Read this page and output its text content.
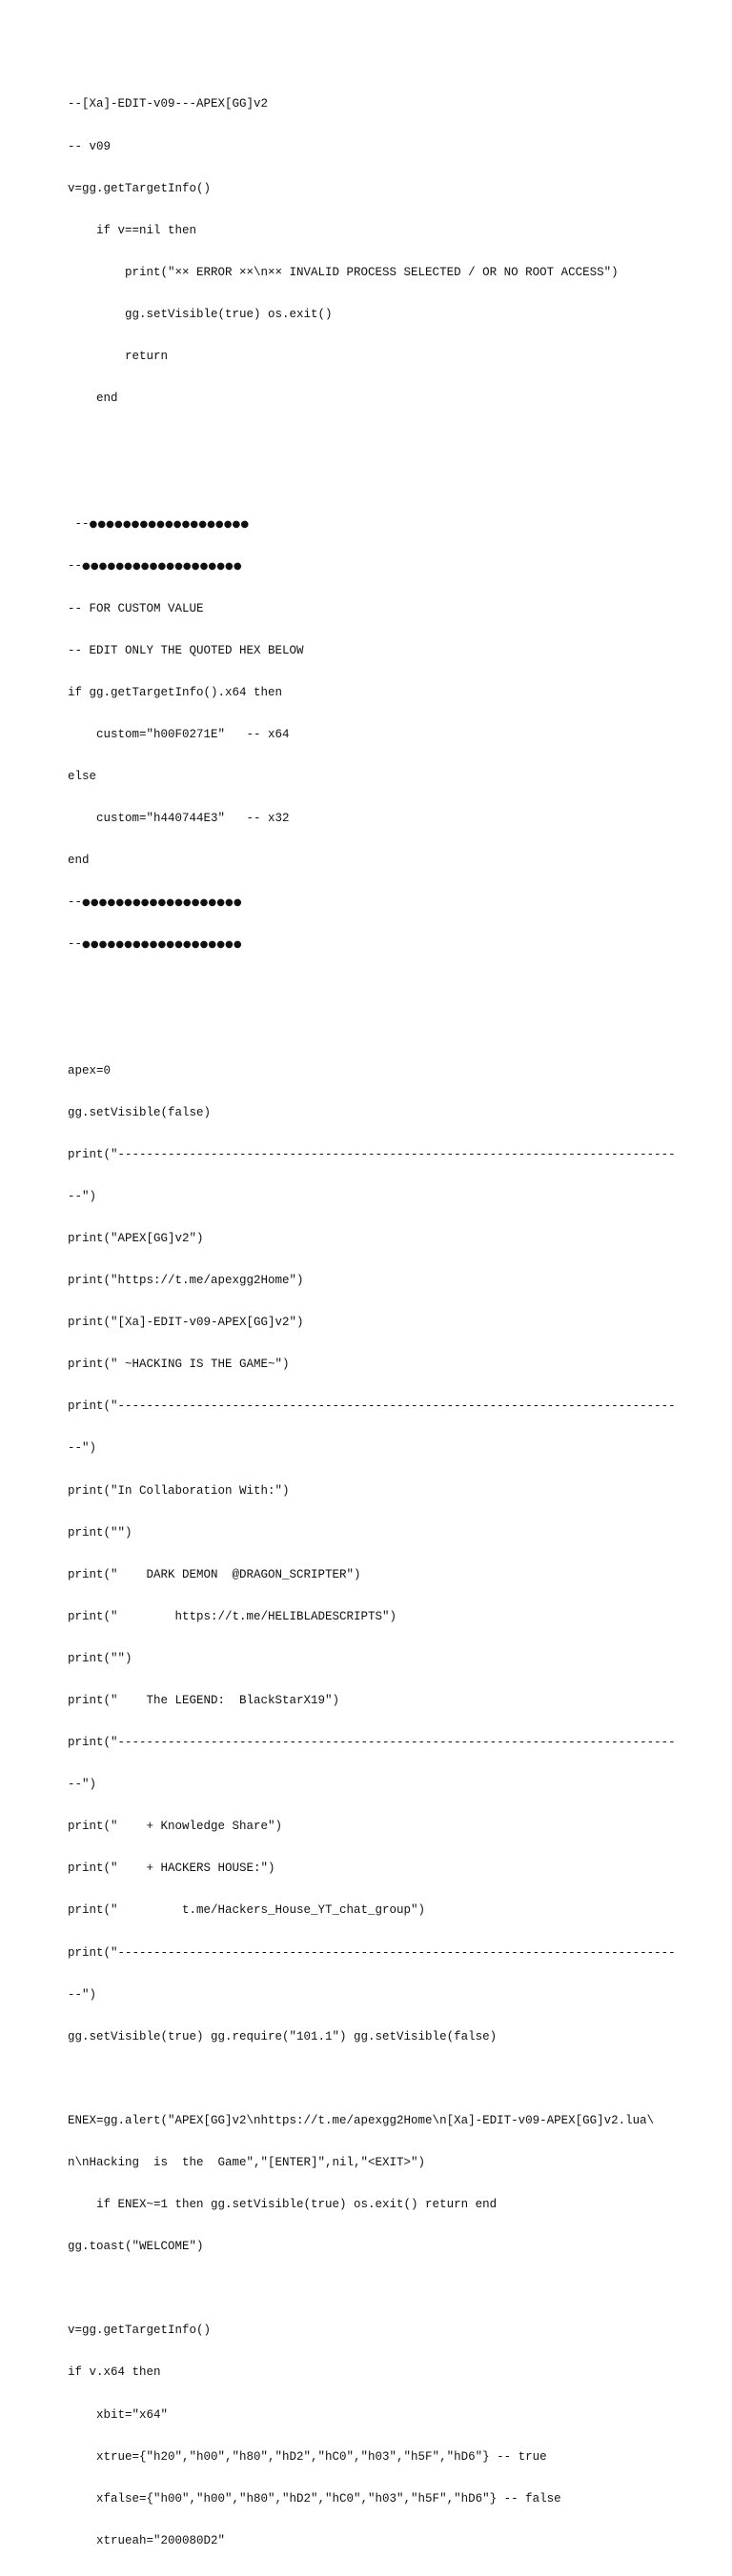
--[Xa]-EDIT-v09---APEX[GG]v2

-- v09

v=gg.getTargetInfo()

if v==nil then

print("×× ERROR ××\n×× INVALID PROCESS SELECTED / OR NO ROOT ACCESS")

gg.setVisible(true) os.exit()

return

end

--●●●●●●●●●●●●●●●●●●●

--●●●●●●●●●●●●●●●●●●●

-- FOR CUSTOM VALUE

-- EDIT ONLY THE QUOTED HEX BELOW

if gg.getTargetInfo().x64 then

custom="h00F0271E"   -- x64

else

custom="h440744E3"   -- x32

end

--●●●●●●●●●●●●●●●●●●●

--●●●●●●●●●●●●●●●●●●●

apex=0

gg.setVisible(false)

print("------------------------------------------------------------------------------

--")

print("APEX[GG]v2")

print("https://t.me/apexgg2Home")

print("[Xa]-EDIT-v09-APEX[GG]v2")

print(" ~HACKING IS THE GAME~")

print("------------------------------------------------------------------------------

--")

print("In Collaboration With:")

print("")

print("    DARK DEMON  @DRAGON_SCRIPTER")

print("        https://t.me/HELIBLADESCRIPTS")

print("")

print("    The LEGEND:  BlackStarX19")

print("------------------------------------------------------------------------------

--")

print("    + Knowledge Share")

print("    + HACKERS HOUSE:")

print("         t.me/Hackers_House_YT_chat_group")

print("------------------------------------------------------------------------------

--")

gg.setVisible(true) gg.require("101.1") gg.setVisible(false)

ENEX=gg.alert("APEX[GG]v2\nhttps://t.me/apexgg2Home\n[Xa]-EDIT-v09-APEX[GG]v2.lua\

n\nHacking  is  the  Game","[ENTER]",nil,"<EXIT>")

if ENEX~=1 then gg.setVisible(true) os.exit() return end

gg.toast("WELCOME")

v=gg.getTargetInfo()

if v.x64 then

xbit="x64"

xtrue={"h20","h00","h80","hD2","hC0","h03","h5F","hD6"} -- true

xfalse={"h00","h00","h80","hD2","hC0","h03","h5F","hD6"} -- false

xtrueah="200080D2"
